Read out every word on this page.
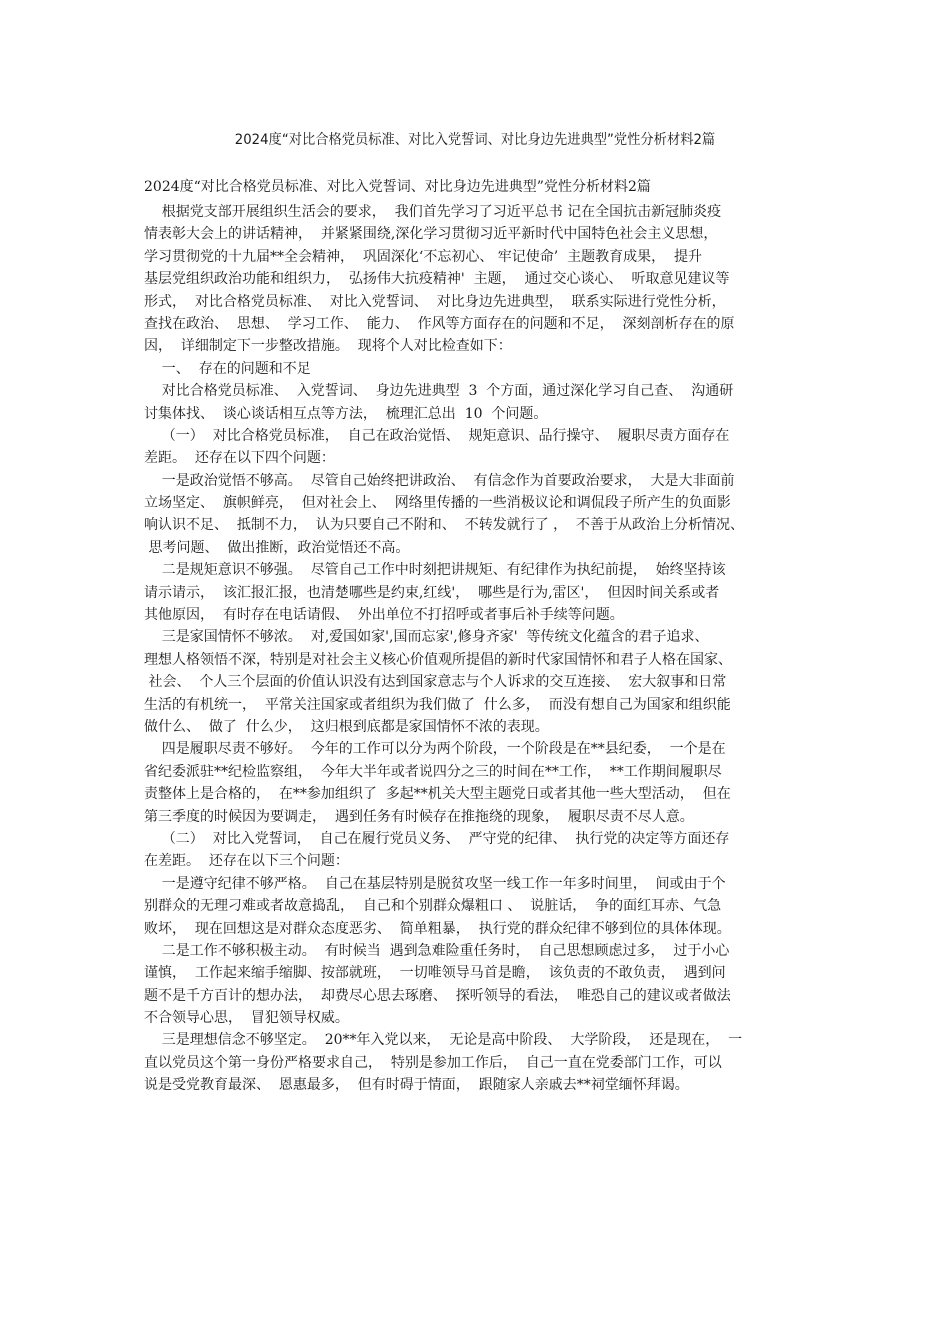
2024度“对比合格党员标准、对比入党誓词、对比身边先进典型”党性分析材料2篇
2024度“对比合格党员标准、对比入党誓词、对比身边先进典型”党性分析材料2篇
根据党支部开展组织生活会的要求，  我们首先学习了习近平总书 记在全国抗击新冠肺炎疫
情表彰大会上的讲话精神，  并紧紧围绕,深化学习贯彻习近平新时代中国特色社会主义思想，
学习贯彻党的十九届**全会精神，  巩固深化‘不忘初心、 牢记使命’  主题教育成果，  提升
基层党组织政治功能和组织力，  弘扬伟大抗疫精神'  主题，  通过交心谈心、  听取意见建议等
形式，  对比合格党员标准、  对比入党誓词、  对比身边先进典型，  联系实际进行党性分析，
查找在政治、  思想、  学习工作、  能力、  作风等方面存在的问题和不足，  深刻剖析存在的原
因，  详细制定下一步整改措施。  现将个人对比检查如下：
一、  存在的问题和不足
对比合格党员标准、  入党誓词、  身边先进典型  3  个方面，通过深化学习自己查、  沟通研
讨集体找、  谈心谈话相互点等方法，  梳理汇总出  10  个问题。
（一）  对比合格党员标准，  自己在政治觉悟、  规矩意识、品行操守、  履职尽责方面存在
差距。  还存在以下四个问题：
一是政治觉悟不够高。  尽管自己始终把讲政治、  有信念作为首要政治要求，  大是大非面前
立场坚定、  旗帜鲜亮，  但对社会上、  网络里传播的一些消极议论和调侃段子所产生的负面影
响认识不足、  抵制不力，  认为只要自己不附和、  不转发就行了 ，  不善于从政治上分析情况、
思考问题、  做出推断，政治觉悟还不高。
二是规矩意识不够强。  尽管自己工作中时刻把讲规矩、有纪律作为执纪前提，  始终坚持该
请示请示，  该汇报汇报，也清楚哪些是约束,红线'，  哪些是行为,雷区'，  但因时间关系或者
其他原因，  有时存在电话请假、  外出单位不打招呼或者事后补手续等问题。
三是家国情怀不够浓。  对,爱国如家',国而忘家',修身齐家'  等传统文化蕴含的君子追求、
理想人格领悟不深，特别是对社会主义核心价值观所提倡的新时代家国情怀和君子人格在国家、
社会、  个人三个层面的价值认识没有达到国家意志与个人诉求的交互连接、  宏大叙事和日常
生活的有机统一，  平常关注国家或者组织为我们做了  什么多，  而没有想自己为国家和组织能
做什么、  做了  什么少，  这归根到底都是家国情怀不浓的表现。
四是履职尽责不够好。  今年的工作可以分为两个阶段，一个阶段是在**县纪委，  一个是在
省纪委派驻**纪检监察组，  今年大半年或者说四分之三的时间在**工作，  **工作期间履职尽
责整体上是合格的，  在**参加组织了  多起**机关大型主题党日或者其他一些大型活动，  但在
第三季度的时候因为要调走，  遇到任务有时候存在推拖绕的现象，  履职尽责不尽人意。
（二）  对比入党誓词，  自己在履行党员义务、  严守党的纪律、  执行党的决定等方面还存
在差距。  还存在以下三个问题：
一是遵守纪律不够严格。  自己在基层特别是脱贫攻坚一线工作一年多时间里，  间或由于个
别群众的无理刁难或者故意捣乱，  自己和个别群众爆粗口 、  说脏话，  争的面红耳赤、气急
败坏，  现在回想这是对群众态度恶劣、  简单粗暴，  执行党的群众纪律不够到位的具体体现。
二是工作不够积极主动。  有时候当  遇到急难险重任务时，  自己思想顾虑过多，  过于小心
谨慎，  工作起来缩手缩脚、按部就班，  一切唯领导马首是瞻，  该负责的不敢负责，  遇到问
题不是千方百计的想办法，  却费尽心思去琢磨、  探听领导的看法，  唯恐自己的建议或者做法
不合领导心思，  冒犯领导权威。
三是理想信念不够坚定。  20**年入党以来，  无论是高中阶段、  大学阶段，  还是现在，  一
直以党员这个第一身份严格要求自己，  特别是参加工作后，  自己一直在党委部门工作，可以
说是受党教育最深、  恩惠最多，  但有时碍于情面，  跟随家人亲戚去**祠堂缅怀拜谒。
